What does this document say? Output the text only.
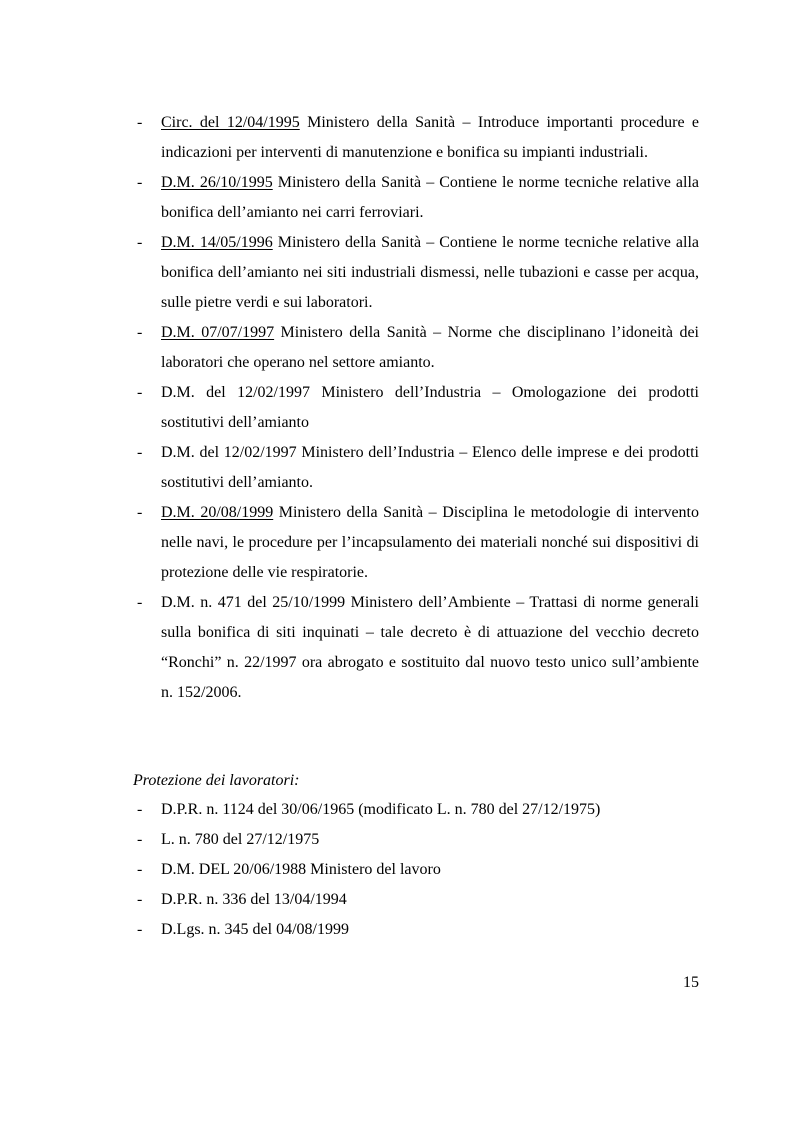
- Circ. del 12/04/1995 Ministero della Sanità – Introduce importanti procedure e indicazioni per interventi di manutenzione e bonifica su impianti industriali.
- D.M. 26/10/1995 Ministero della Sanità – Contiene le norme tecniche relative alla bonifica dell’amianto nei carri ferroviari.
- D.M. 14/05/1996 Ministero della Sanità – Contiene le norme tecniche relative alla bonifica dell’amianto nei siti industriali dismessi, nelle tubazioni e casse per acqua, sulle pietre verdi e sui laboratori.
- D.M. 07/07/1997 Ministero della Sanità – Norme che disciplinano l’idoneità dei laboratori che operano nel settore amianto.
- D.M. del 12/02/1997 Ministero dell’Industria – Omologazione dei prodotti sostitutivi dell’amianto
- D.M. del 12/02/1997 Ministero dell’Industria – Elenco delle imprese e dei prodotti sostitutivi dell’amianto.
- D.M. 20/08/1999 Ministero della Sanità – Disciplina le metodologie di intervento nelle navi, le procedure per l’incapsulamento dei materiali nonché sui dispositivi di protezione delle vie respiratorie.
- D.M. n. 471 del 25/10/1999 Ministero dell’Ambiente – Trattasi di norme generali sulla bonifica di siti inquinati – tale decreto è di attuazione del vecchio decreto “Ronchi” n. 22/1997 ora abrogato e sostituito dal nuovo testo unico sull’ambiente n. 152/2006.

Protezione dei lavoratori:

- D.P.R. n. 1124 del 30/06/1965 (modificato L. n. 780 del 27/12/1975)
- L. n. 780 del 27/12/1975
- D.M. DEL 20/06/1988 Ministero del lavoro
- D.P.R. n. 336 del 13/04/1994
- D.Lgs. n. 345 del 04/08/1999
15
